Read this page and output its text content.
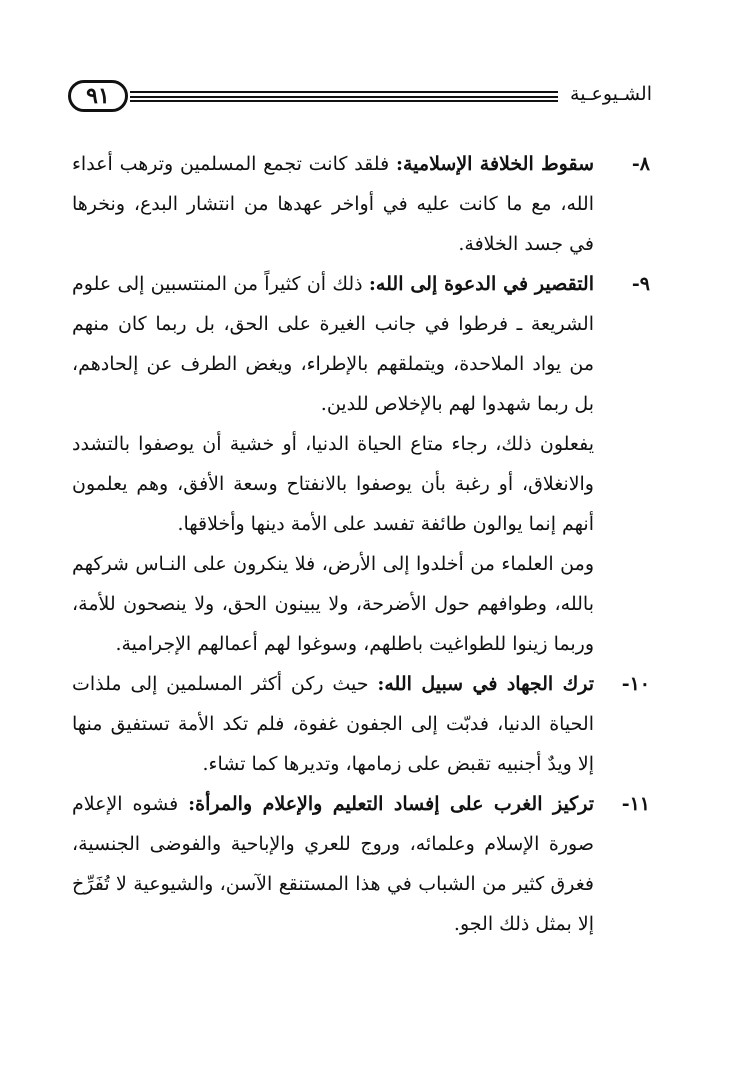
٩١	الشـيوعـية

٨-
سقوط الخلافة الإسلامية: فلقد كانت تجمع المسلمين وترهب أعداء الله، مع ما كانت عليه في أواخر عهدها من انتشار البدع، ونخرها في جسد الخلافة.

٩-
التقصير في الدعوة إلى الله: ذلك أن كثيراً من المنتسبين إلى علوم الشريعة ـ فرطوا في جانب الغيرة على الحق، بل ربما كان منهم من يواد الملاحدة، ويتملقهم بالإطراء، ويغض الطرف عن إلحادهم، بل ربما شهدوا لهم بالإخلاص للدين.

يفعلون ذلك، رجاء متاع الحياة الدنيا، أو خشية أن يوصفوا بالتشدد والانغلاق، أو رغبة بأن يوصفوا بالانفتاح وسعة الأفق، وهم يعلمون أنهم إنما يوالون طائفة تفسد على الأمة دينها وأخلاقها.

ومن العلماء من أخلدوا إلى الأرض، فلا ينكرون على النـاس شركهم بالله، وطوافهم حول الأضرحة، ولا يبينون الحق، ولا ينصحون للأمة، وربما زينوا للطواغيت باطلهم، وسوغوا لهم أعمالهم الإجرامية.

١٠-
ترك الجهاد في سبيل الله: حيث ركن أكثر المسلمين إلى ملذات الحياة الدنيا، فدبّت إلى الجفون غفوة، فلم تكد الأمة تستفيق منها إلا ويدٌ أجنبيه تقبض على زمامها، وتديرها كما تشاء.

١١-
تركيز الغرب على إفساد التعليم والإعلام والمرأة: فشوه الإعلام صورة الإسلام وعلمائه، وروج للعري والإباحية والفوضى الجنسية، فغرق كثير من الشباب في هذا المستنقع الآسن، والشيوعية لا تُفَرِّخ إلا بمثل ذلك الجو.
